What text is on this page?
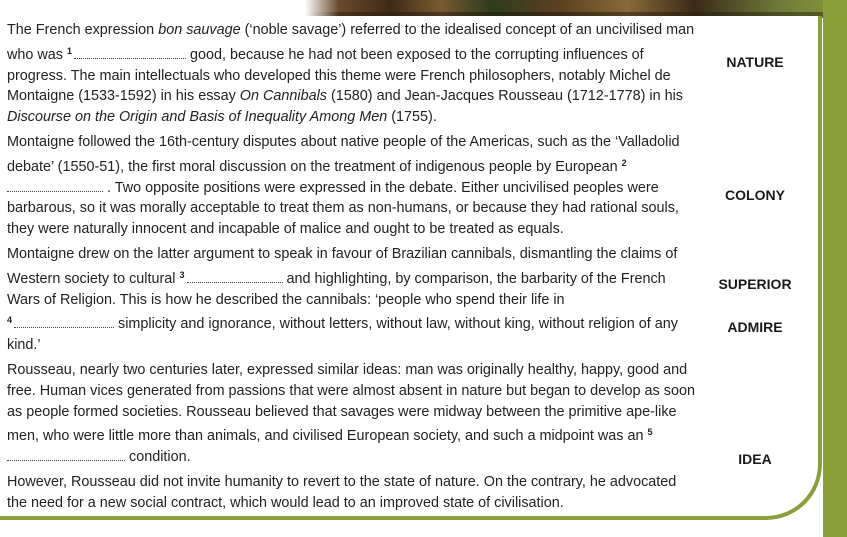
The French expression bon sauvage (‘noble savage’) referred to the idealised concept of an uncivilised man who was $^1$	good, because he had not been exposed to the corrupting influences of progress. The main intellectuals who developed this theme were French philosophers, notably Michel de Montaigne (1533-1592) in his essay On Cannibals (1580) and Jean-Jacques Rousseau (1712-1778) in his Discourse on the Origin and Basis of Inequality Among Men (1755).

Montaigne followed the 16th-century disputes about native people of the Americas, such as the ‘Valladolid debate’ (1550-51), the first moral discussion on the treatment of indigenous people by European $^2$ . Two opposite positions were expressed in the debate. Either uncivilised peoples were barbarous, so it was morally acceptable to treat them as non-humans, or because they had rational souls, they were naturally innocent and incapable of malice and ought to be treated as equals.

Montaigne drew on the latter argument to speak in favour of Brazilian cannibals, dismantling the claims of Western society to cultural $^3$	and highlighting, by comparison, the barbarity of the French Wars of Religion. This is how he described the cannibals: ‘people who spend their life in
$^4$	simplicity and ignorance, without letters, without law, without king, without religion of any kind.’

Rousseau, nearly two centuries later, expressed similar ideas: man was originally healthy, happy, good and free. Human vices generated from passions that were almost absent in nature but began to develop as soon as people formed societies. Rousseau believed that savages were midway between the primitive ape-like men, who were little more than animals, and civilised European society, and such a midpoint was an $^5$ condition.

However, Rousseau did not invite humanity to revert to the state of nature. On the contrary, he advocated the need for a new social contract, which would lead to an improved state of civilisation.

NATURE
COLONY
SUPERIOR
ADMIRE
IDEA
